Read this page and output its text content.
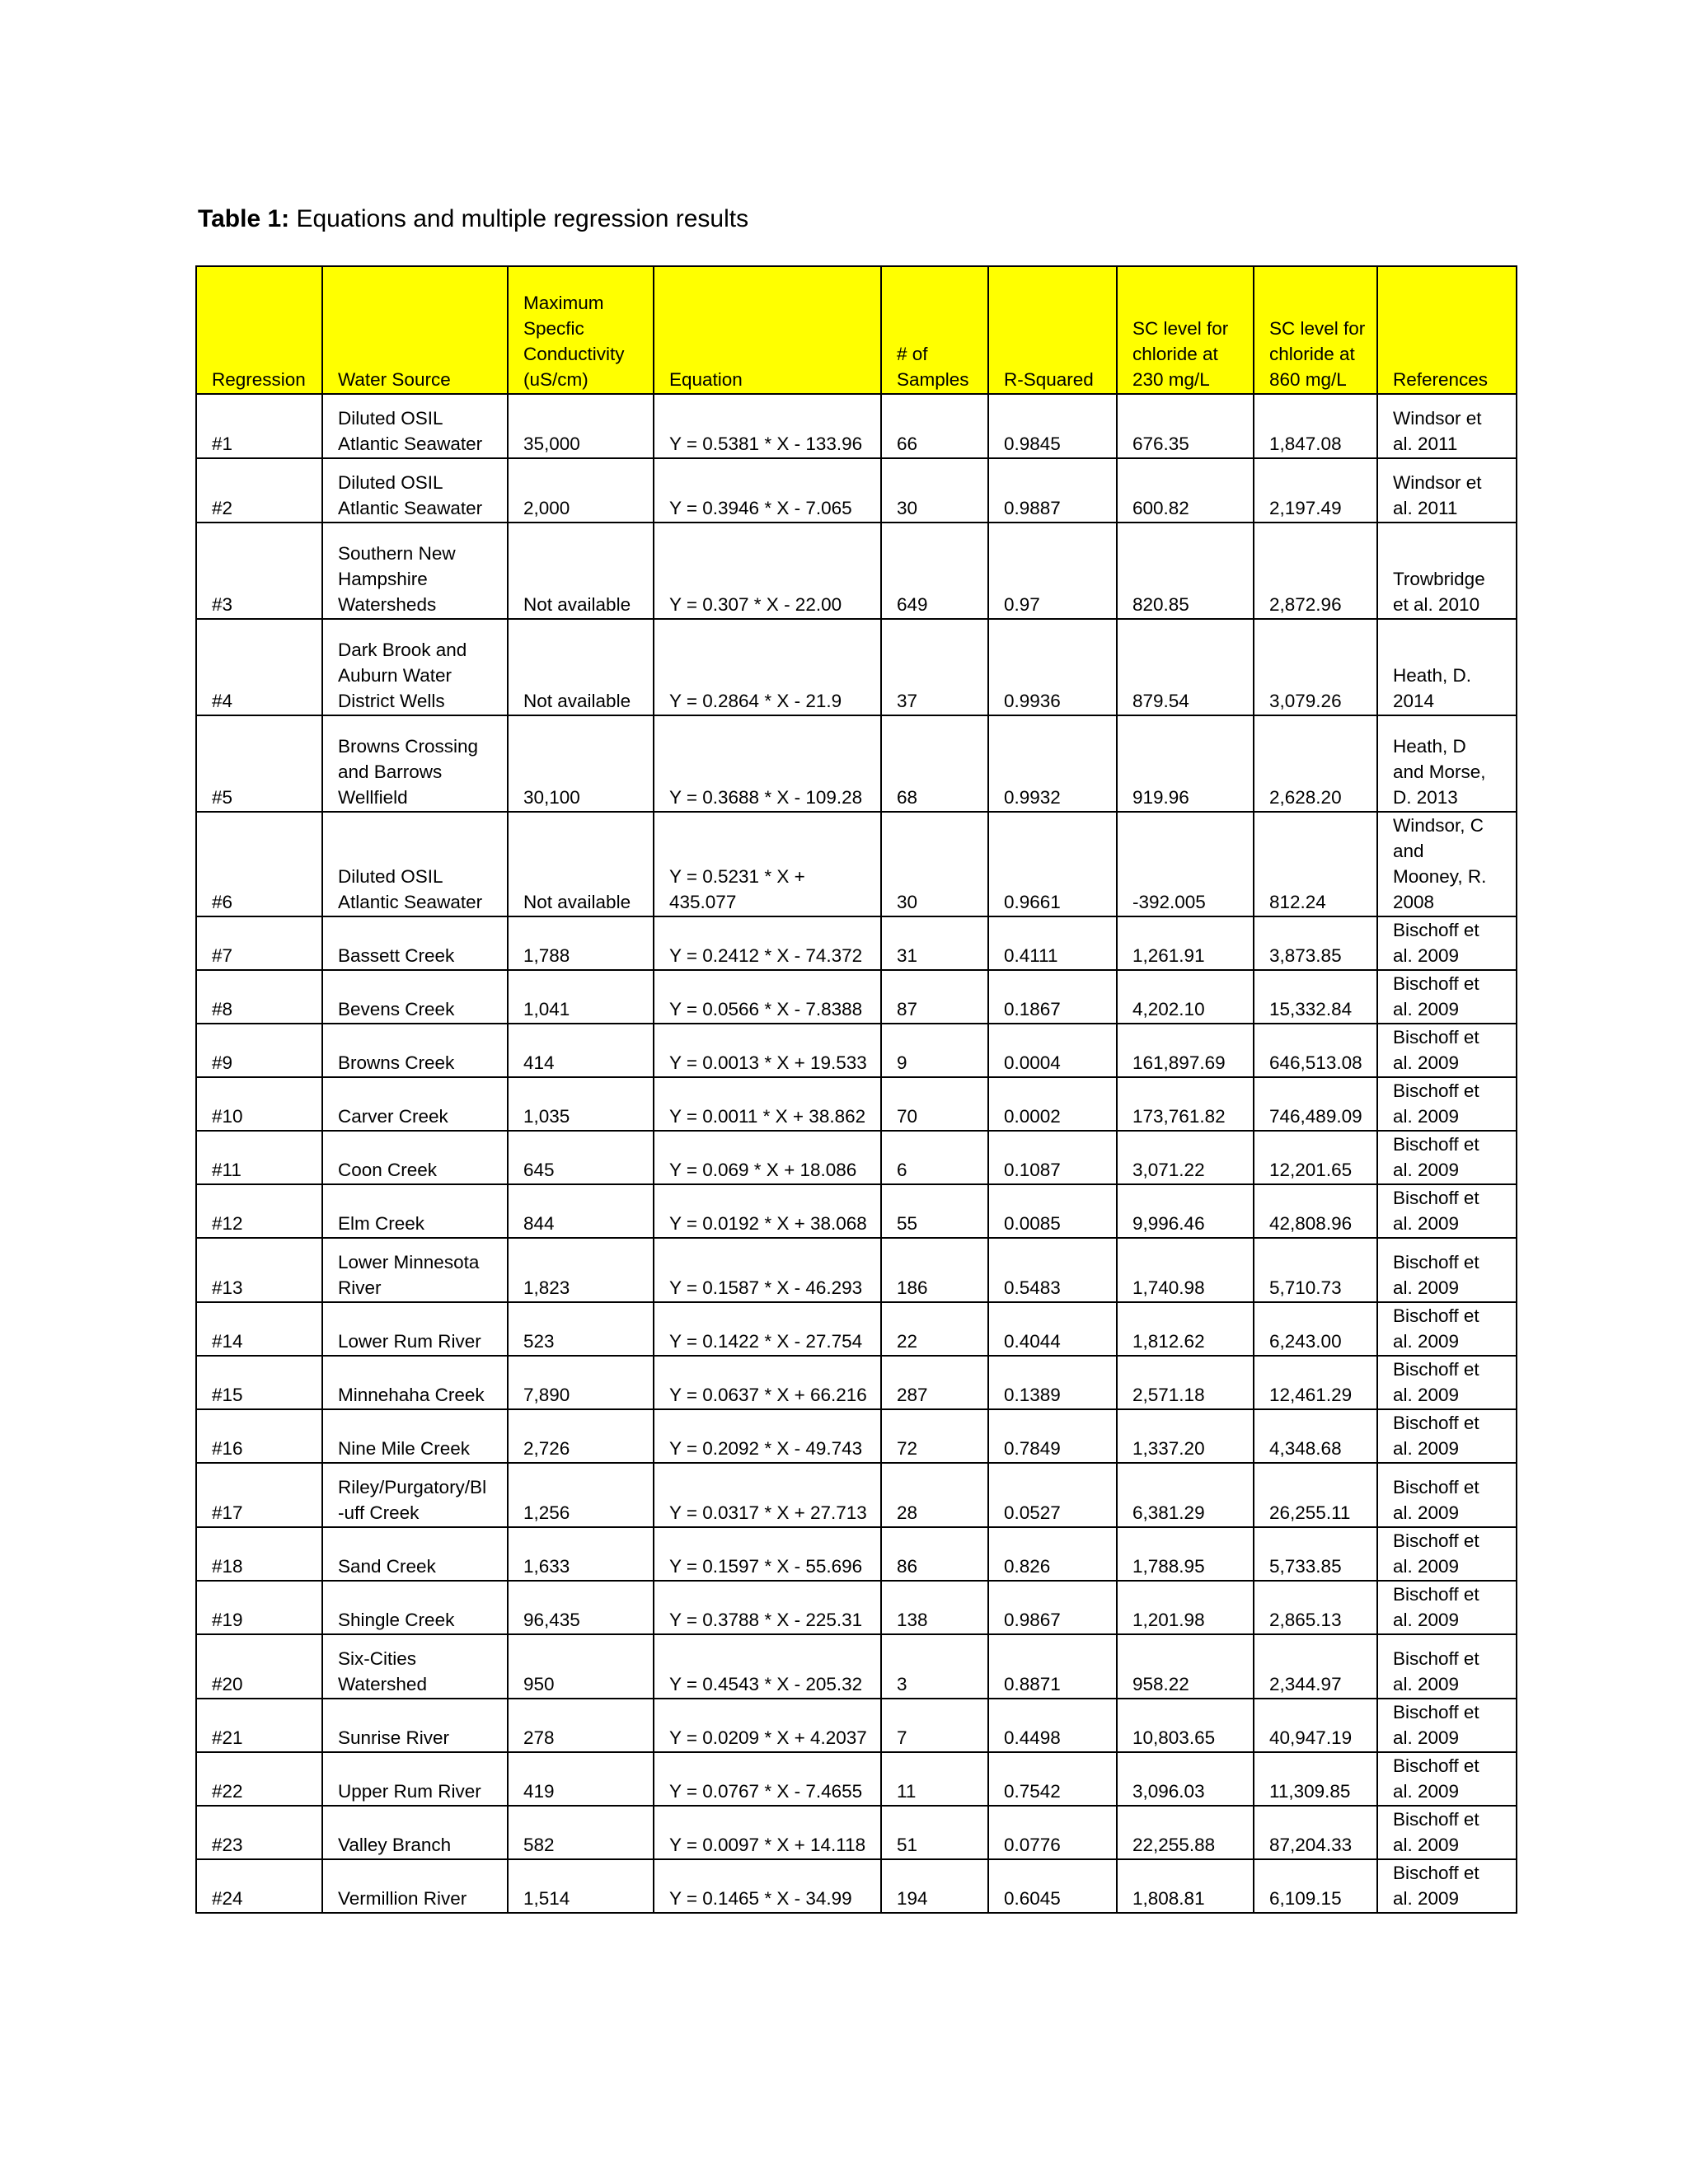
Table 1: Equations and multiple regression results
Regression	Water Source	Maximum
Specfic
Conductivity
(uS/cm)	Equation	# of
Samples	R-Squared	SC level for
chloride at
230 mg/L	SC level for
chloride at
860 mg/L	References
#1	Diluted OSIL
Atlantic Seawater	35,000	Y = 0.5381 * X - 133.96	66	0.9845	676.35	1,847.08	Windsor et
al. 2011
#2	Diluted OSIL
Atlantic Seawater	2,000	Y = 0.3946 * X - 7.065	30	0.9887	600.82	2,197.49	Windsor et
al. 2011
#3	Southern New
Hampshire
Watersheds	Not available	Y = 0.307 * X - 22.00	649	0.97	820.85	2,872.96	Trowbridge
et al. 2010
#4	Dark Brook and
Auburn Water
District Wells	Not available	Y = 0.2864 * X - 21.9	37	0.9936	879.54	3,079.26	Heath, D.
2014
#5	Browns Crossing
and Barrows
Wellfield	30,100	Y = 0.3688 * X - 109.28	68	0.9932	919.96	2,628.20	Heath, D
and Morse,
D. 2013
#6	Diluted OSIL
Atlantic Seawater	Not available	Y = 0.5231 * X +
435.077	30	0.9661	-392.005	812.24	Windsor, C
and
Mooney, R.
2008
#7	Bassett Creek	1,788	Y = 0.2412 * X - 74.372	31	0.4111	1,261.91	3,873.85	Bischoff et
al. 2009
#8	Bevens Creek	1,041	Y = 0.0566 * X - 7.8388	87	0.1867	4,202.10	15,332.84	Bischoff et
al. 2009
#9	Browns Creek	414	Y = 0.0013 * X + 19.533	9	0.0004	161,897.69	646,513.08	Bischoff et
al. 2009
#10	Carver Creek	1,035	Y = 0.0011 * X + 38.862	70	0.0002	173,761.82	746,489.09	Bischoff et
al. 2009
#11	Coon Creek	645	Y = 0.069 * X + 18.086	6	0.1087	3,071.22	12,201.65	Bischoff et
al. 2009
#12	Elm Creek	844	Y = 0.0192 * X + 38.068	55	0.0085	9,996.46	42,808.96	Bischoff et
al. 2009
#13	Lower Minnesota
River	1,823	Y = 0.1587 * X - 46.293	186	0.5483	1,740.98	5,710.73	Bischoff et
al. 2009
#14	Lower Rum River	523	Y = 0.1422 * X - 27.754	22	0.4044	1,812.62	6,243.00	Bischoff et
al. 2009
#15	Minnehaha Creek	7,890	Y = 0.0637 * X + 66.216	287	0.1389	2,571.18	12,461.29	Bischoff et
al. 2009
#16	Nine Mile Creek	2,726	Y = 0.2092 * X - 49.743	72	0.7849	1,337.20	4,348.68	Bischoff et
al. 2009
#17	Riley/Purgatory/Bl
-uff Creek	1,256	Y = 0.0317 * X + 27.713	28	0.0527	6,381.29	26,255.11	Bischoff et
al. 2009
#18	Sand Creek	1,633	Y = 0.1597 * X - 55.696	86	0.826	1,788.95	5,733.85	Bischoff et
al. 2009
#19	Shingle Creek	96,435	Y = 0.3788 * X - 225.31	138	0.9867	1,201.98	2,865.13	Bischoff et
al. 2009
#20	Six-Cities
Watershed	950	Y = 0.4543 * X - 205.32	3	0.8871	958.22	2,344.97	Bischoff et
al. 2009
#21	Sunrise River	278	Y = 0.0209 * X + 4.2037	7	0.4498	10,803.65	40,947.19	Bischoff et
al. 2009
#22	Upper Rum River	419	Y = 0.0767 * X - 7.4655	11	0.7542	3,096.03	11,309.85	Bischoff et
al. 2009
#23	Valley Branch	582	Y = 0.0097 * X + 14.118	51	0.0776	22,255.88	87,204.33	Bischoff et
al. 2009
#24	Vermillion River	1,514	Y = 0.1465 * X - 34.99	194	0.6045	1,808.81	6,109.15	Bischoff et
al. 2009
